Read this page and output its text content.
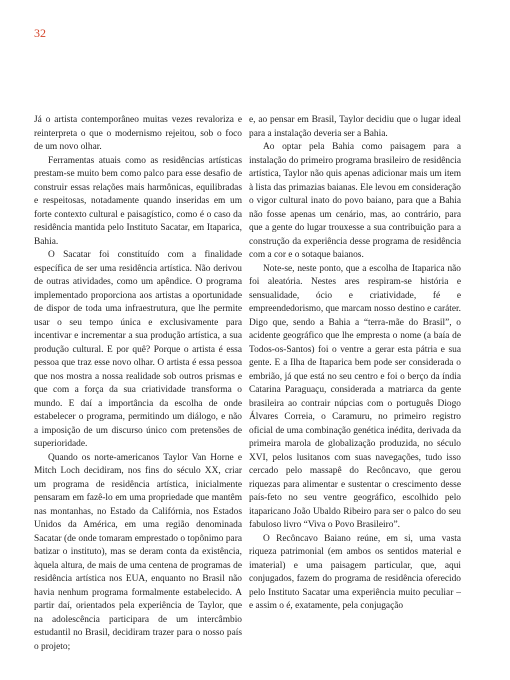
32

Já o artista contemporâneo muitas vezes revaloriza e reinterpreta o que o modernismo rejeitou, sob o foco de um novo olhar.

Ferramentas atuais como as residências artísticas prestam-se muito bem como palco para esse desafio de construir essas relações mais harmônicas, equilibradas e respeitosas, notadamente quando inseridas em um forte contexto cultural e paisagístico, como é o caso da residência mantida pelo Instituto Sacatar, em Itaparica, Bahia.

O Sacatar foi constituído com a finalidade específica de ser uma residência artística. Não derivou de outras atividades, como um apêndice. O programa implementado proporciona aos artistas a oportunidade de dispor de toda uma infraestrutura, que lhe permite usar o seu tempo única e exclusivamente para incentivar e incrementar a sua produção artística, a sua produção cultural. E por quê? Porque o artista é essa pessoa que traz esse novo olhar. O artista é essa pessoa que nos mostra a nossa realidade sob outros prismas e que com a força da sua criatividade transforma o mundo. E daí a importância da escolha de onde estabelecer o programa, permitindo um diálogo, e não a imposição de um discurso único com pretensões de superioridade.

Quando os norte-americanos Taylor Van Horne e Mitch Loch decidiram, nos fins do século XX, criar um programa de residência artística, inicialmente pensaram em fazê-lo em uma propriedade que mantêm nas montanhas, no Estado da Califórnia, nos Estados Unidos da América, em uma região denominada Sacatar (de onde tomaram emprestado o topônimo para batizar o instituto), mas se deram conta da existência, àquela altura, de mais de uma centena de programas de residência artística nos EUA, enquanto no Brasil não havia nenhum programa formalmente estabelecido. A partir daí, orientados pela experiência de Taylor, que na adolescência participara de um intercâmbio estudantil no Brasil, decidiram trazer para o nosso país o projeto;

e, ao pensar em Brasil, Taylor decidiu que o lugar ideal para a instalação deveria ser a Bahia.

Ao optar pela Bahia como paisagem para a instalação do primeiro programa brasileiro de residência artística, Taylor não quis apenas adicionar mais um item à lista das primazias baianas. Ele levou em consideração o vigor cultural inato do povo baiano, para que a Bahia não fosse apenas um cenário, mas, ao contrário, para que a gente do lugar trouxesse a sua contribuição para a construção da experiência desse programa de residência com a cor e o sotaque baianos.

Note-se, neste ponto, que a escolha de Itaparica não foi aleatória. Nestes ares respiram-se história e sensualidade, ócio e criatividade, fé e empreendedorismo, que marcam nosso destino e caráter. Digo que, sendo a Bahia a “terra-mãe do Brasil”, o acidente geográfico que lhe empresta o nome (a baía de Todos-os-Santos) foi o ventre a gerar esta pátria e sua gente. E a Ilha de Itaparica bem pode ser considerada o embrião, já que está no seu centro e foi o berço da índia Catarina Paraguaçu, considerada a matriarca da gente brasileira ao contrair núpcias com o português Diogo Álvares Correia, o Caramuru, no primeiro registro oficial de uma combinação genética inédita, derivada da primeira marola de globalização produzida, no século XVI, pelos lusitanos com suas navegações, tudo isso cercado pelo massapê do Recôncavo, que gerou riquezas para alimentar e sustentar o crescimento desse país-feto no seu ventre geográfico, escolhido pelo itaparicano João Ubaldo Ribeiro para ser o palco do seu fabuloso livro “Viva o Povo Brasileiro”.

O Recôncavo Baiano reúne, em si, uma vasta riqueza patrimonial (em ambos os sentidos material e imaterial) e uma paisagem particular, que, aqui conjugados, fazem do programa de residência oferecido pelo Instituto Sacatar uma experiência muito peculiar – e assim o é, exatamente, pela conjugação
